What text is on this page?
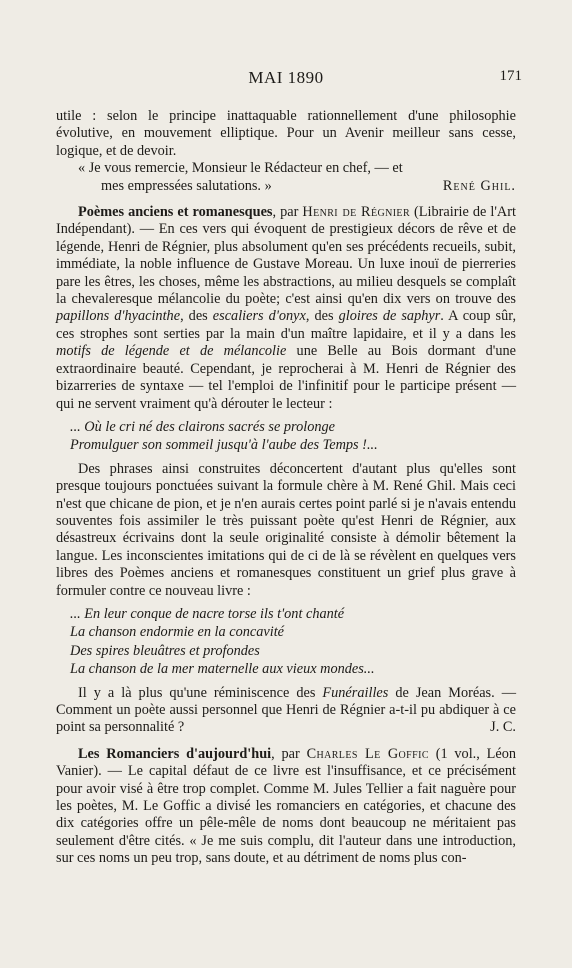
MAI 1890	171

utile : selon le principe inattaquable rationnellement d'une philosophie évolutive, en mouvement elliptique. Pour un Avenir meilleur sans cesse, logique, et de devoir.

« Je vous remercie, Monsieur le Rédacteur en chef, — et

mes empressées salutations. »	René Ghil.

Poèmes anciens et romanesques, par Henri de Régnier (Librairie de l'Art Indépendant). — En ces vers qui évoquent de prestigieux décors de rêve et de légende, Henri de Régnier, plus absolument qu'en ses précédents recueils, subit, immédiate, la noble influence de Gustave Moreau. Un luxe inouï de pierreries pare les êtres, les choses, même les abstractions, au milieu desquels se complaît la chevaleresque mélancolie du poète; c'est ainsi qu'en dix vers on trouve des papillons d'hyacinthe, des escaliers d'onyx, des gloires de saphyr. A coup sûr, ces strophes sont serties par la main d'un maître lapidaire, et il y a dans les motifs de légende et de mélancolie une Belle au Bois dormant d'une extraordinaire beauté. Cependant, je reprocherai à M. Henri de Régnier des bizarreries de syntaxe — tel l'emploi de l'infinitif pour le participe présent — qui ne servent vraiment qu'à dérouter le lecteur :

... Où le cri né des clairons sacrés se prolonge

Promulguer son sommeil jusqu'à l'aube des Temps !...

Des phrases ainsi construites déconcertent d'autant plus qu'elles sont presque toujours ponctuées suivant la formule chère à M. René Ghil. Mais ceci n'est que chicane de pion, et je n'en aurais certes point parlé si je n'avais entendu souventes fois assimiler le très puissant poète qu'est Henri de Régnier, aux désastreux écrivains dont la seule originalité consiste à démolir bêtement la langue. Les inconscientes imitations qui de ci de là se révèlent en quelques vers libres des Poèmes anciens et romanesques constituent un grief plus grave à formuler contre ce nouveau livre :

... En leur conque de nacre torse ils t'ont chanté

La chanson endormie en la concavité

Des spires bleuâtres et profondes

La chanson de la mer maternelle aux vieux mondes...

Il y a là plus qu'une réminiscence des Funérailles de Jean Moréas. — Comment un poète aussi personnel que Henri de Régnier a-t-il pu abdiquer à ce point sa personnalité ?	J. C.

Les Romanciers d'aujourd'hui, par Charles Le Goffic (1 vol., Léon Vanier). — Le capital défaut de ce livre est l'insuffisance, et ce précisément pour avoir visé à être trop complet. Comme M. Jules Tellier a fait naguère pour les poètes, M. Le Goffic a divisé les romanciers en catégories, et chacune des dix catégories offre un pêle-mêle de noms dont beaucoup ne méritaient pas seulement d'être cités. « Je me suis complu, dit l'auteur dans une introduction, sur ces noms un peu trop, sans doute, et au détriment de noms plus con-
